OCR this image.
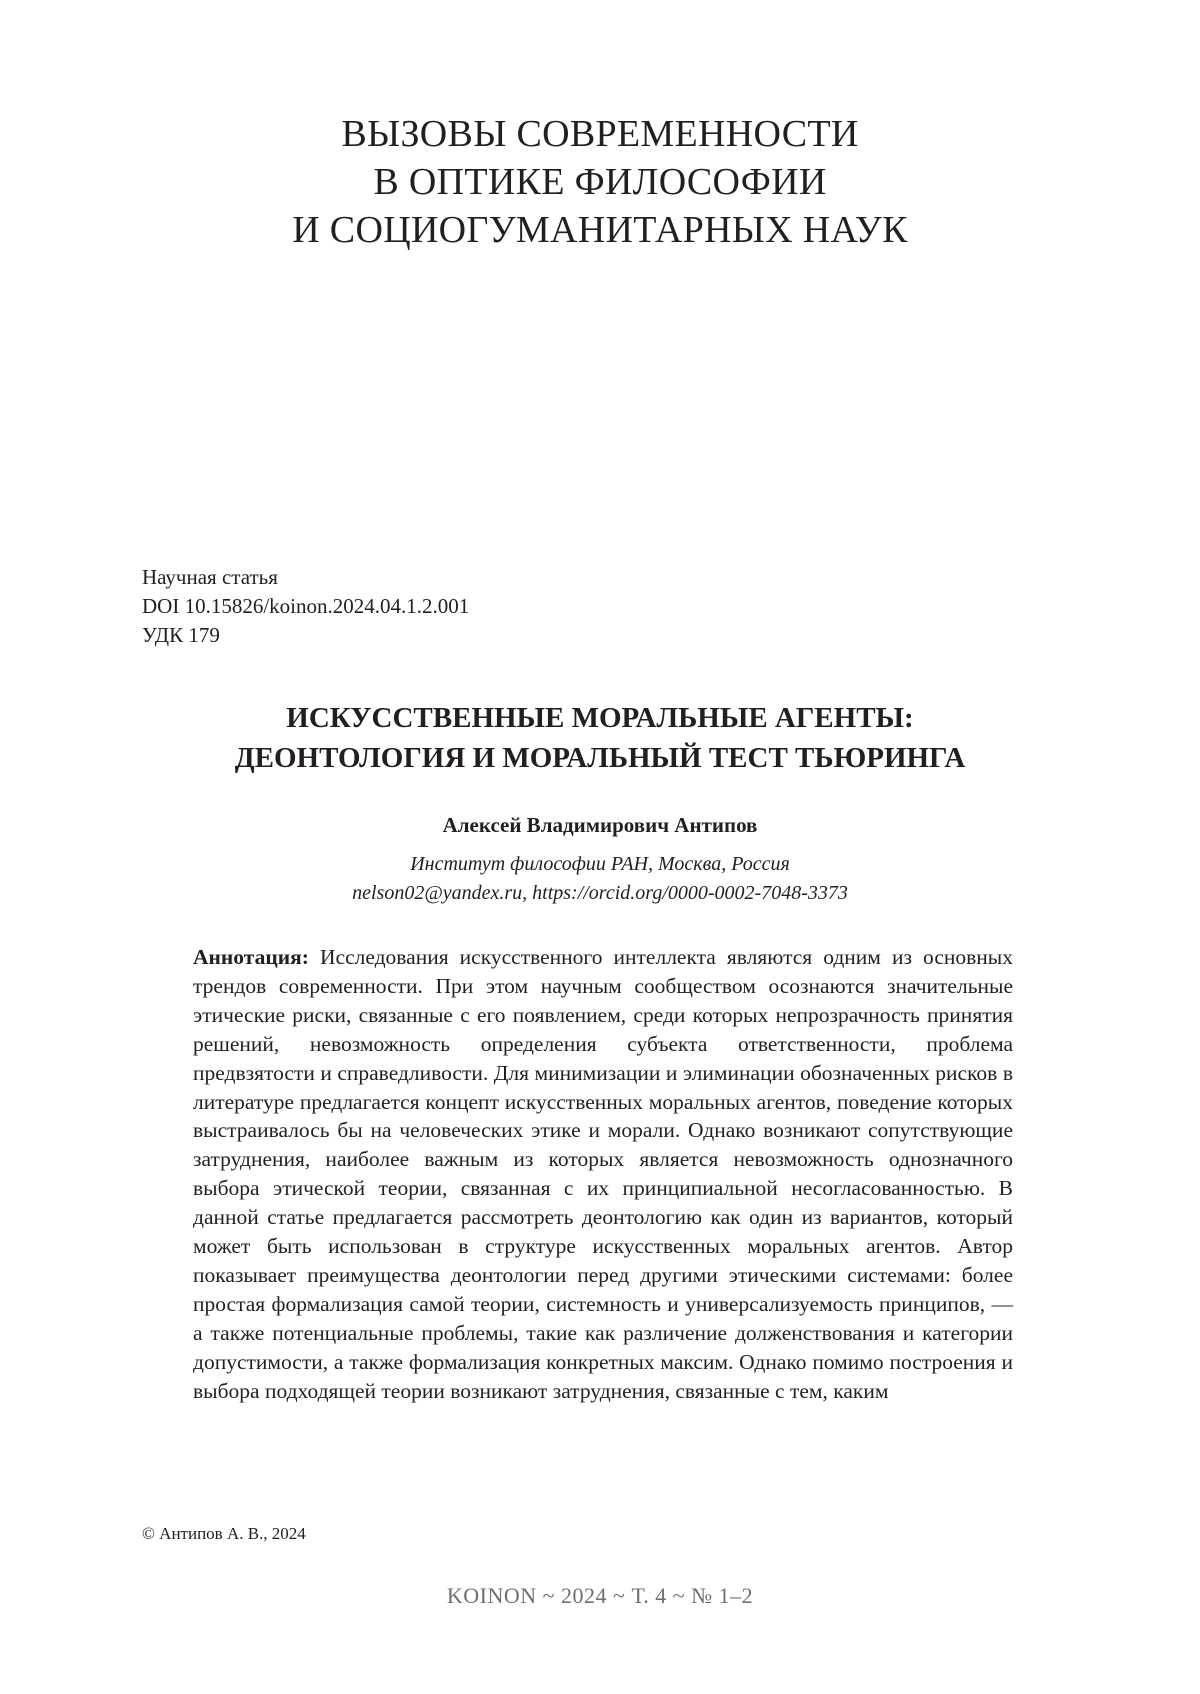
ВЫЗОВЫ СОВРЕМЕННОСТИ
В ОПТИКЕ ФИЛОСОФИИ
И СОЦИОГУМАНИТАРНЫХ НАУК
Научная статья
DOI 10.15826/koinon.2024.04.1.2.001
УДК 179
ИСКУССТВЕННЫЕ МОРАЛЬНЫЕ АГЕНТЫ:
ДЕОНТОЛОГИЯ И МОРАЛЬНЫЙ ТЕСТ ТЬЮРИНГА
Алексей Владимирович Антипов
Институт философии РАН, Москва, Россия
nelson02@yandex.ru, https://orcid.org/0000-0002-7048-3373
Аннотация: Исследования искусственного интеллекта являются одним из основных трендов современности. При этом научным сообществом осозна­ются значительные этические риски, связанные с его появлением, среди кото­рых непрозрачность принятия решений, невозможность определения субъекта ответственности, проблема предвзятости и справедливости. Для минимиза­ции и элиминации обозначенных рисков в литературе предлагается концепт искусственных моральных агентов, поведение которых выстраивалось бы на человеческих этике и морали. Однако возникают сопутствующие затруд­нения, наиболее важным из которых является невозможность однозначного выбора этической теории, связанная с их принципиальной несогласован­ностью. В данной статье предлагается рассмотреть деонтологию как один из вариантов, который может быть использован в структуре искусственных моральных агентов. Автор показывает преимущества деонтологии перед дру­гими этическими системами: более простая формализация самой теории, системность и универсализуемость принципов, — а также потенциальные проблемы, такие как различение долженствования и категории допустимо­сти, а также формализация конкретных максим. Однако помимо построения и выбора подходящей теории возникают затруднения, связанные с тем, каким
© Антипов А. В., 2024
KOINON ~ 2024 ~ Т. 4 ~ № 1–2
